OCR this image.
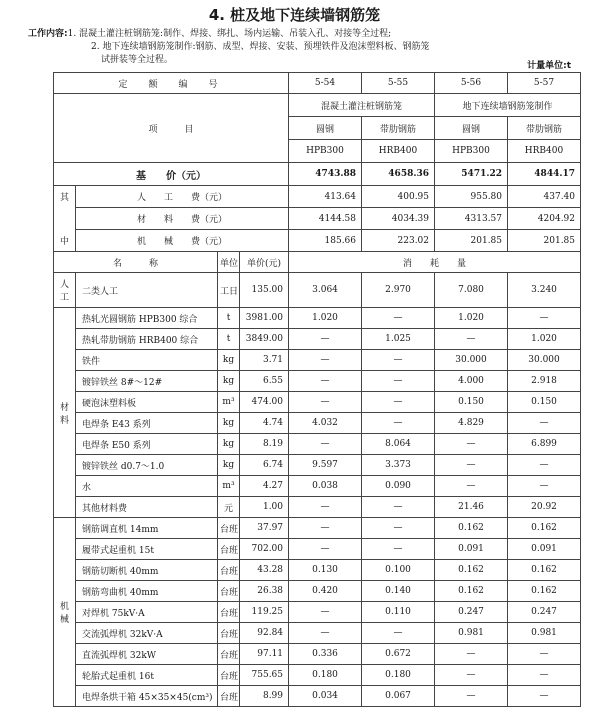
4. 桩及地下连续墙钢筋笼
工作内容:1. 混凝土灌注桩钢筋笼:制作、焊接、绑扎、场内运输、吊装入孔、对接等全过程;
2. 地下连续墙钢筋笼制作:钢筋、成型、焊接、安装、预埋铁件及泡沫塑料板、钢筋笼
试拼装等全过程。
计量单位:t
定　额　编　号				5-54	5-55	5-56	5-57
项　　　目				混凝土灌注桩钢筋笼		地下连续墙钢筋笼制作	
				圆钢	带肋钢筋	圆钢	带肋钢筋
				HPB300	HRB400	HPB300	HRB400
基　　价（元）				4743.88	4658.36	5471.22	4844.17

其
中	人　　工　　费（元）			413.64	400.95	955.80	437.40
	材　　料　　费（元）			4144.58	4034.39	4313.57	4204.92
	机　　械　　费（元）			185.66	223.02	201.85	201.85
名　　　称		单位	单价(元)	消　　耗　　量			

人
工	二类人工	工日	135.00	3.064	2.970	7.080	3.240

材
料	热轧光圆钢筋 HPB300 综合	t	3981.00	1.020	—	1.020	—
	热轧带肋钢筋 HRB400 综合	t	3849.00	—	1.025	—	1.020
	铁件	kg	3.71	—	—	30.000	30.000
	镀锌铁丝 8#～12#	kg	6.55	—	—	4.000	2.918
	硬泡沫塑料板	m³	474.00	—	—	0.150	0.150
	电焊条 E43 系列	kg	4.74	4.032	—	4.829	—
	电焊条 E50 系列	kg	8.19	—	8.064	—	6.899
	镀锌铁丝 d0.7～1.0	kg	6.74	9.597	3.373	—	—
	水	m³	4.27	0.038	0.090	—	—
	其他材料费	元	1.00	—	—	21.46	20.92

机
械	钢筋调直机 14mm	台班	37.97	—	—	0.162	0.162
	履带式起重机 15t	台班	702.00	—	—	0.091	0.091
	钢筋切断机 40mm	台班	43.28	0.130	0.100	0.162	0.162
	钢筋弯曲机 40mm	台班	26.38	0.420	0.140	0.162	0.162
	对焊机 75kV·A	台班	119.25	—	0.110	0.247	0.247
	交流弧焊机 32kV·A	台班	92.84	—	—	0.981	0.981
	直流弧焊机 32kW	台班	97.11	0.336	0.672	—	—
	轮胎式起重机 16t	台班	755.65	0.180	0.180	—	—
	电焊条烘干箱 45×35×45(cm³)	台班	8.99	0.034	0.067	—	—
